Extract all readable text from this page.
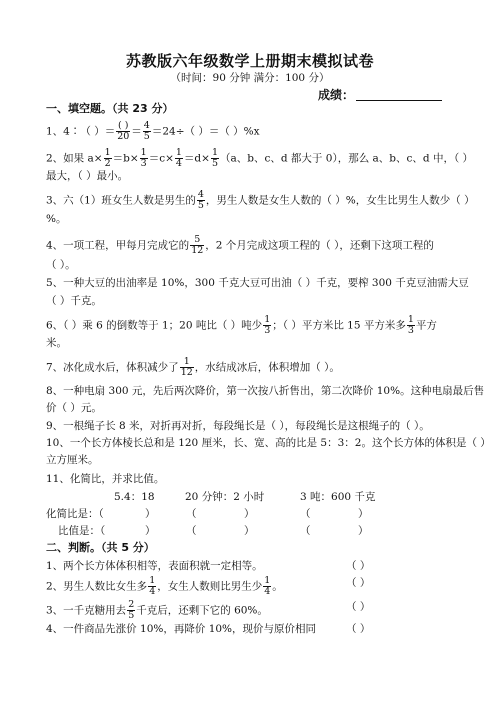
苏教版六年级数学上册期末模拟试卷
（时间：90 分钟 满分：100 分）
成绩：
一、填空题。（共 23 分）
1、4∶（ ）＝ $\frac{( )}{20} = \frac{4}{5} =24\div$（ ）＝（ ）%x
2、如果 $a\times \frac{1}{2} =b\times \frac{1}{3} =c\times \frac{1}{4} =d\times \frac{1}{5} (a$、b、c、d 都大于 0），那么 a、b、c、d 中，（ ）
最大，（ ）最小。
3、六（1）班女生人数是男生的 $\frac{4}{5}$ ，男生人数是女生人数的（ ）%，女生比男生人数少（ ）
%。
4、一项工程，甲每月完成它的 $\frac{5}{12}$ ，2 个月完成这项工程的（ ），还剩下这项工程的
（ ）。
5、一种大豆的出油率是 10%，300 千克大豆可出油（ ）千克，要榨 300 千克豆油需大豆
（ ）千克。
6、（ ）乘 6 的倒数等于 1；20 吨比（ ）吨少 $\frac{1}{3}$ ；（ ）平方米比 15 平方米多 $\frac{1}{3}$ 平方
米。
7、冰化成水后，体积减少了 $\frac{1}{12}$ ，水结成冰后，体积增加（ ）。
8、一种电扇 300 元，先后两次降价，第一次按八折售出，第二次降价 10%。这种电扇最后售
价（ ）元。
9、一根绳子长 8 米，对折再对折，每段绳长是（ ），每段绳长是这根绳子的（ ）。
10、一个长方体棱长总和是 120 厘米，长、宽、高的比是 5：3：2。这个长方体的体积是（ ）
立方厘米。
11、化简比，并求比值。
5.4：18	20 分钟：2 小时	3 吨：600 千克
化简比是：（	）	（	）	（	）
比值是：（	）	（	）	（	）
二、判断。（共 5 分）
1、两个长方体体积相等，表面积就一定相等。	（ ）
2、男生人数比女生多 $\frac{1}{4}$ ，女生人数则比男生少 $\frac{1}{4}$ 。	（ ）
3、一千克糖用去 $\frac{2}{5}$ 千克后，还剩下它的 60%。	（ ）
4、一件商品先涨价 10%，再降价 10%，现价与原价相同	（ ）
